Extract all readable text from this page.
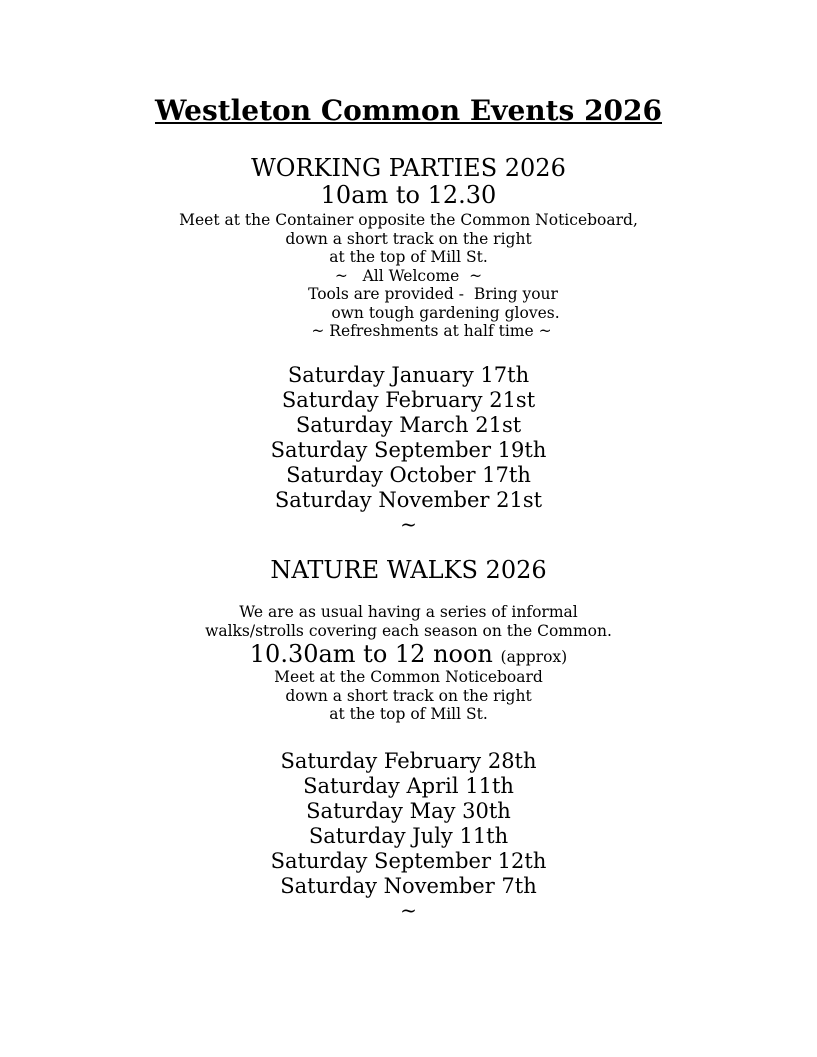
Westleton Common Events 2026
WORKING PARTIES 2026
10am to 12.30
Meet at the Container opposite the Common Noticeboard,
down a short track on the right
at the top of Mill St.
~   All Welcome  ~
Tools are provided -  Bring your
own tough gardening gloves.
~ Refreshments at half time ~
Saturday January 17th
Saturday February 21st
Saturday March 21st
Saturday September 19th
Saturday October 17th
Saturday November 21st
~
NATURE WALKS 2026
We are as usual having a series of informal
walks/strolls covering each season on the Common.
10.30am to 12 noon (approx)
Meet at the Common Noticeboard
down a short track on the right
at the top of Mill St.
Saturday February 28th
Saturday April 11th
Saturday May 30th
Saturday July 11th
Saturday September 12th
Saturday November 7th
~
